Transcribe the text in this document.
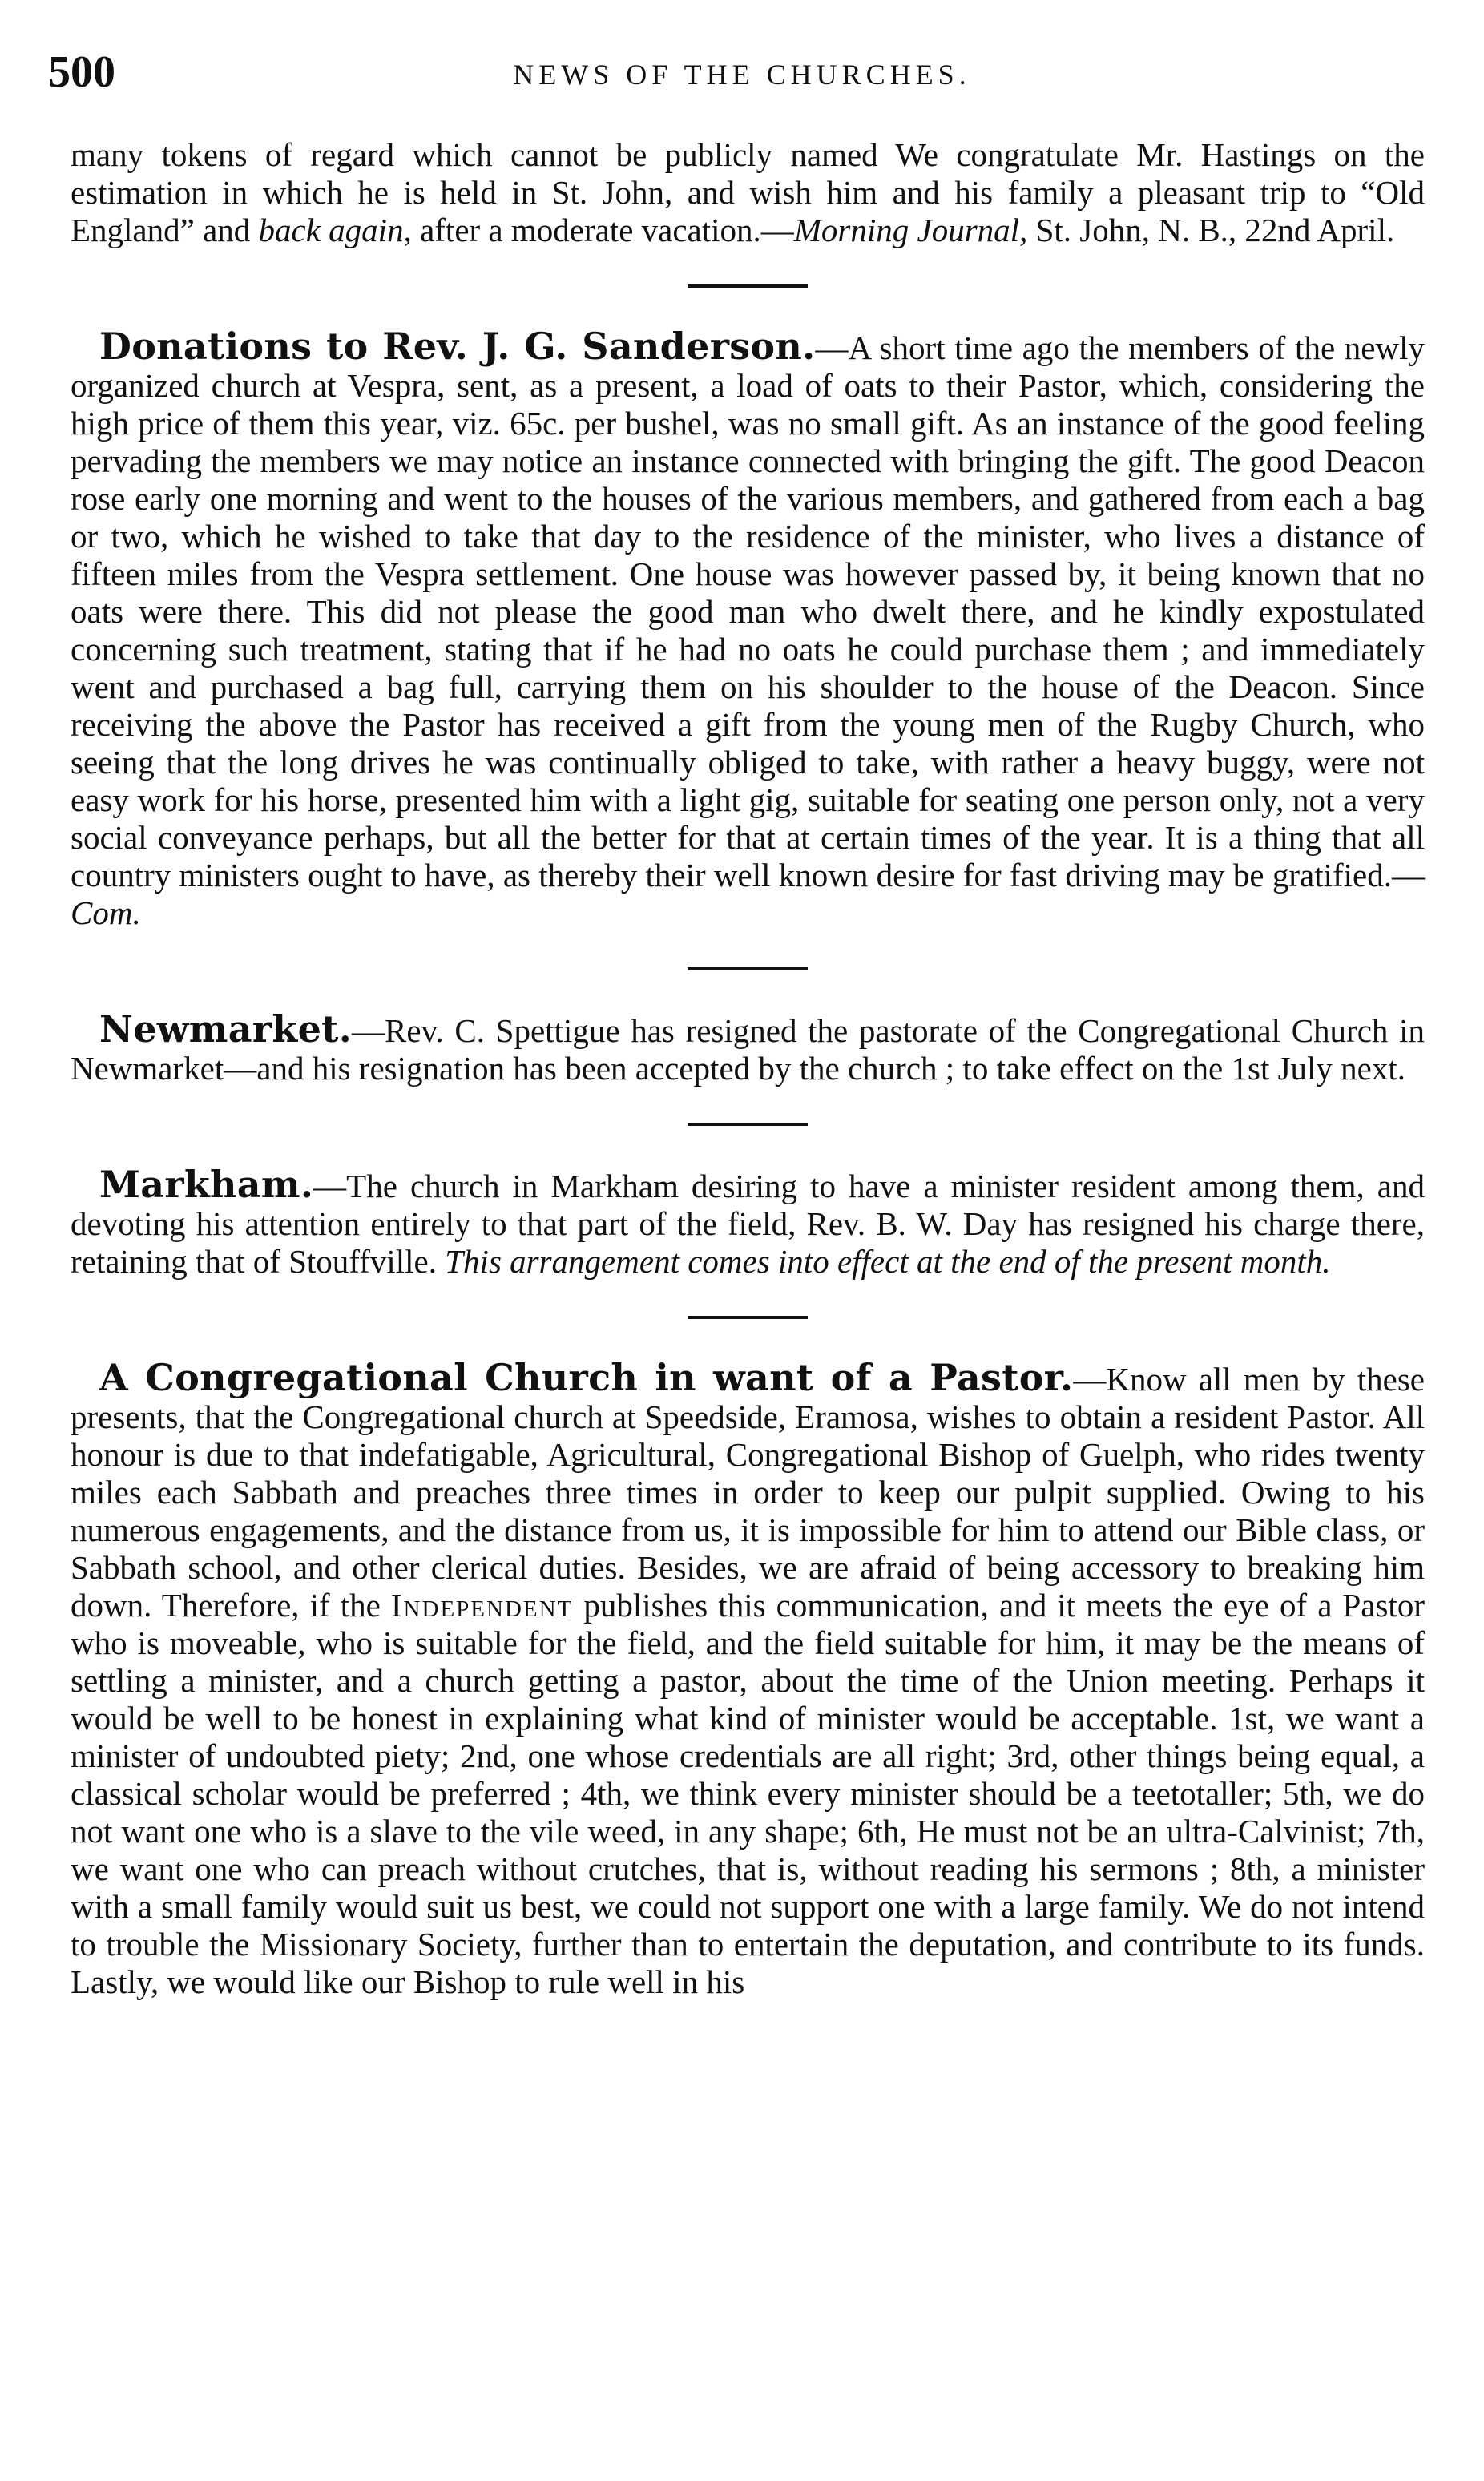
500	NEWS OF THE CHURCHES.

many tokens of regard which cannot be publicly named We congratulate Mr. Hastings on the estimation in which he is held in St. John, and wish him and his family a pleasant trip to “Old England” and back again, after a moderate vacation.—Morning Journal, St. John, N. B., 22nd April.

Donations to Rev. J. G. Sanderson.—A short time ago the members of the newly organized church at Vespra, sent, as a present, a load of oats to their Pastor, which, considering the high price of them this year, viz. 65c. per bushel, was no small gift. As an instance of the good feeling pervading the members we may notice an instance connected with bringing the gift. The good Deacon rose early one morning and went to the houses of the various members, and gathered from each a bag or two, which he wished to take that day to the residence of the minister, who lives a distance of fifteen miles from the Vespra settlement. One house was however passed by, it being known that no oats were there. This did not please the good man who dwelt there, and he kindly expostulated concerning such treatment, stating that if he had no oats he could purchase them ; and immediately went and purchased a bag full, carrying them on his shoulder to the house of the Deacon. Since receiving the above the Pastor has received a gift from the young men of the Rugby Church, who seeing that the long drives he was continually obliged to take, with rather a heavy buggy, were not easy work for his horse, presented him with a light gig, suitable for seating one person only, not a very social conveyance perhaps, but all the better for that at certain times of the year. It is a thing that all country ministers ought to have, as thereby their well known desire for fast driving may be gratified.—Com.

Newmarket.—Rev. C. Spettigue has resigned the pastorate of the Congregational Church in Newmarket—and his resignation has been accepted by the church ; to take effect on the 1st July next.

Markham.—The church in Markham desiring to have a minister resident among them, and devoting his attention entirely to that part of the field, Rev. B. W. Day has resigned his charge there, retaining that of Stouffville. This arrangement comes into effect at the end of the present month.

A Congregational Church in want of a Pastor.—Know all men by these presents, that the Congregational church at Speedside, Eramosa, wishes to obtain a resident Pastor. All honour is due to that indefatigable, Agricultural, Congregational Bishop of Guelph, who rides twenty miles each Sabbath and preaches three times in order to keep our pulpit supplied. Owing to his numerous engagements, and the distance from us, it is impossible for him to attend our Bible class, or Sabbath school, and other clerical duties. Besides, we are afraid of being accessory to breaking him down. Therefore, if the Independent publishes this communication, and it meets the eye of a Pastor who is moveable, who is suitable for the field, and the field suitable for him, it may be the means of settling a minister, and a church getting a pastor, about the time of the Union meeting. Perhaps it would be well to be honest in explaining what kind of minister would be acceptable. 1st, we want a minister of undoubted piety; 2nd, one whose credentials are all right; 3rd, other things being equal, a classical scholar would be preferred ; 4th, we think every minister should be a teetotaller; 5th, we do not want one who is a slave to the vile weed, in any shape; 6th, He must not be an ultra-Calvinist; 7th, we want one who can preach without crutches, that is, without reading his sermons ; 8th, a minister with a small family would suit us best, we could not support one with a large family. We do not intend to trouble the Missionary Society, further than to entertain the deputation, and contribute to its funds. Lastly, we would like our Bishop to rule well in his
